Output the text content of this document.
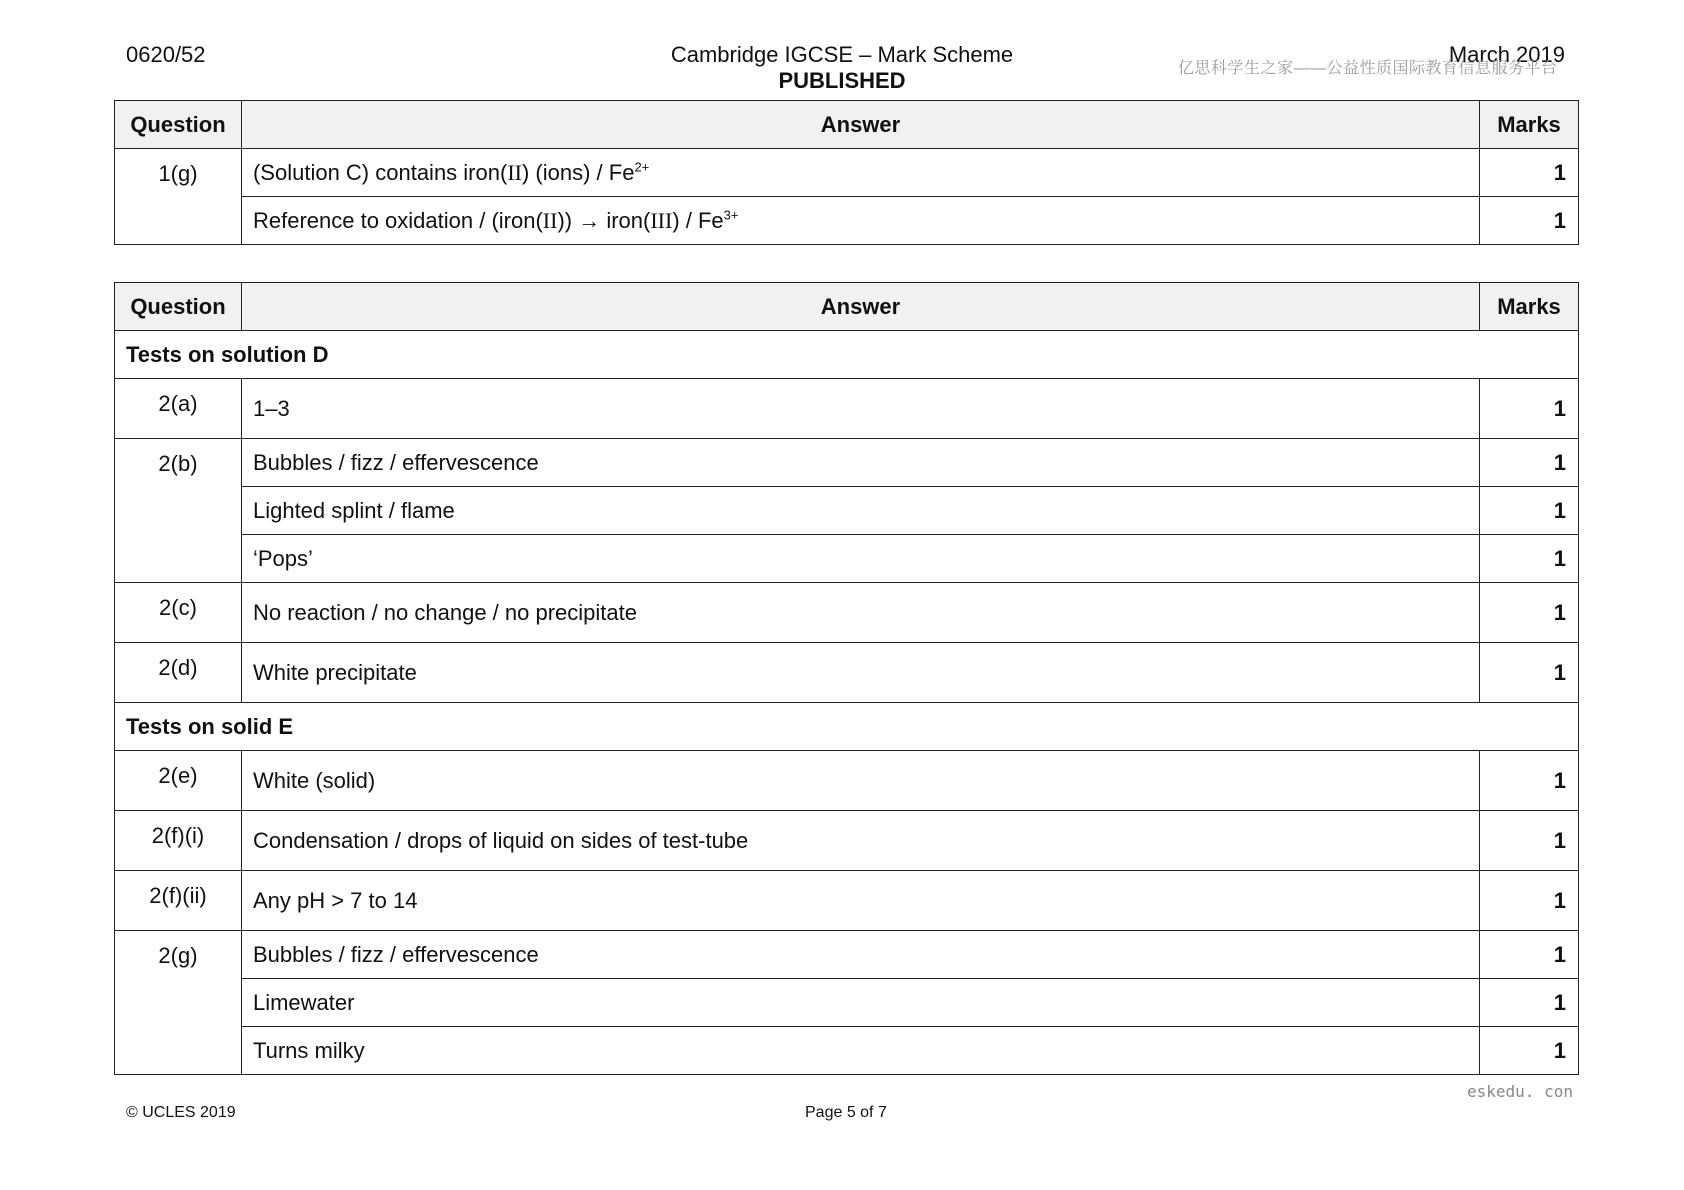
0620/52	Cambridge IGCSE – Mark Scheme
PUBLISHED
March 2019
亿思科学生之家——公益性质国际教育信息服务平台
Question	Answer	Marks
1(g)	(Solution C) contains iron(II) (ions) / $Fe^{2+}$	1
	Reference to oxidation / (iron(II)) → iron(III) / $Fe^{3+}$	1
Question	Answer	Marks
Tests on solution D		
2(a)	1–3	1
2(b)	Bubbles / fizz / effervescence	1
	Lighted splint / flame	1
	‘Pops’	1
2(c)	No reaction / no change / no precipitate	1
2(d)	White precipitate	1
Tests on solid E		
2(e)	White (solid)	1
2(f)(i)	Condensation / drops of liquid on sides of test-tube	1
2(f)(ii)	Any pH > 7 to 14	1
2(g)	Bubbles / fizz / effervescence	1
	Limewater	1
	Turns milky	1
eskedu. con
© UCLES 2019	Page 5 of 7
